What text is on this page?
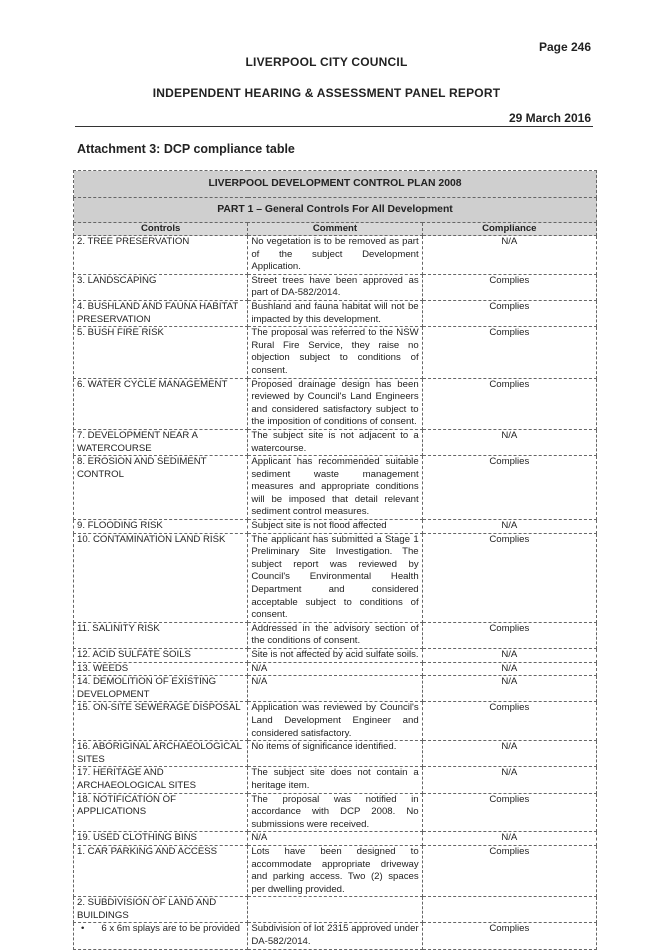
Page 246
LIVERPOOL CITY COUNCIL
INDEPENDENT HEARING & ASSESSMENT PANEL REPORT
29 March 2016
Attachment 3: DCP compliance table
LIVERPOOL DEVELOPMENT CONTROL PLAN 2008		
PART 1 – General Controls For All Development		
Controls	Comment	Compliance
2. TREE PRESERVATION	No vegetation is to be removed as part of the subject Development Application.	N/A
3. LANDSCAPING	Street trees have been approved as part of DA-582/2014.	Complies
4. BUSHLAND AND FAUNA HABITAT PRESERVATION	Bushland and fauna habitat will not be impacted by this development.	Complies
5. BUSH FIRE RISK	The proposal was referred to the NSW Rural Fire Service, they raise no objection subject to conditions of consent.	Complies
6. WATER CYCLE MANAGEMENT	Proposed drainage design has been reviewed by Council's Land Engineers and considered satisfactory subject to the imposition of conditions of consent.	Complies
7. DEVELOPMENT NEAR A WATERCOURSE	The subject site is not adjacent to a watercourse.	N/A
8. EROSION AND SEDIMENT CONTROL	Applicant has recommended suitable sediment waste management measures and appropriate conditions will be imposed that detail relevant sediment control measures.	Complies
9. FLOODING RISK	Subject site is not flood affected	N/A
10. CONTAMINATION LAND RISK	The applicant has submitted a Stage 1 Preliminary Site Investigation. The subject report was reviewed by Council's Environmental Health Department and considered acceptable subject to conditions of consent.	Complies
11. SALINITY RISK	Addressed in the advisory section of the conditions of consent.	Complies
12. ACID SULFATE SOILS	Site is not affected by acid sulfate soils.	N/A
13. WEEDS	N/A	N/A
14. DEMOLITION OF EXISTING DEVELOPMENT	N/A	N/A
15. ON-SITE SEWERAGE DISPOSAL	Application was reviewed by Council's Land Development Engineer and considered satisfactory.	Complies
16. ABORIGINAL ARCHAEOLOGICAL SITES	No items of significance identified.	N/A
17. HERITAGE AND ARCHAEOLOGICAL SITES	The subject site does not contain a heritage item.	N/A
18. NOTIFICATION OF APPLICATIONS	The proposal was notified in accordance with DCP 2008. No submissions were received.	Complies
19. USED CLOTHING BINS	N/A	N/A
1. CAR PARKING AND ACCESS	Lots have been designed to accommodate appropriate driveway and parking access. Two (2) spaces per dwelling provided.	Complies
2. SUBDIVISION OF LAND AND BUILDINGS		

• 6 x 6m splays are to be provided	Subdivision of lot 2315 approved under DA-582/2014.	Complies
